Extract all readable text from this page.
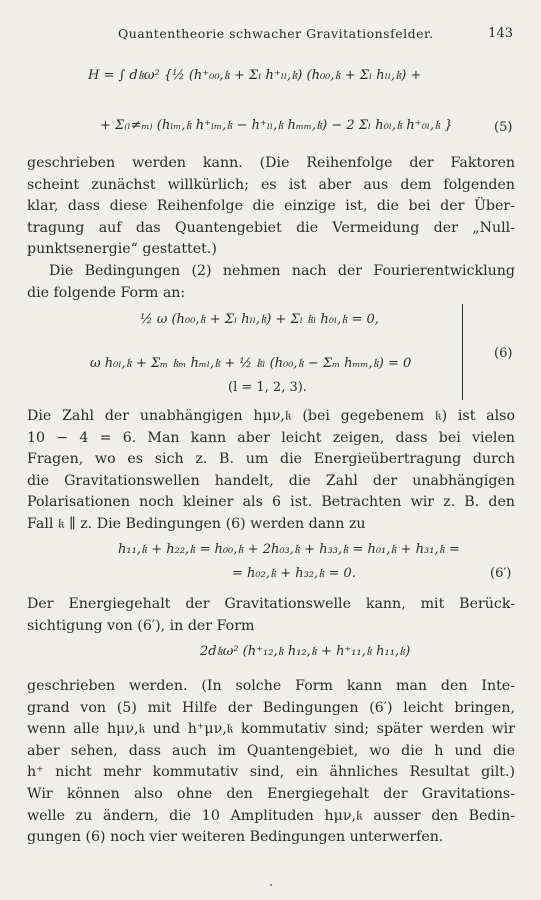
Quantentheorie schwacher Gravitationsfelder.	143
H = ∫ d𝔨ω² {½ (h⁺₀₀,𝔨 + Σₗ h⁺ₗₗ,𝔨) (h₀₀,𝔨 + Σₗ hₗₗ,𝔨) +
+ Σ₍ₗ≠ₘ₎ (hₗₘ,𝔨 h⁺ₗₘ,𝔨 − h⁺ₗₗ,𝔨 hₘₘ,𝔨) − 2 Σₗ h₀ₗ,𝔨 h⁺₀ₗ,𝔨 }	(5)

geschrieben werden kann. (Die Reihenfolge der Faktoren
scheint zunächst willkürlich; es ist aber aus dem folgenden
klar, dass diese Reihenfolge die einzige ist, die bei der Über-
tragung auf das Quantengebiet die Vermeidung der „Null-
punktsenergie“ gestattet.)

Die Bedingungen (2) nehmen nach der Fourierentwicklung
die folgende Form an:

½ ω (h₀₀,𝔨 + Σₗ hₗₗ,𝔨) + Σₗ 𝔨ₗ h₀ₗ,𝔨 = 0,
ω h₀ₗ,𝔨 + Σₘ 𝔨ₘ hₘₗ,𝔨 + ½ 𝔨ₗ (h₀₀,𝔨 − Σₘ hₘₘ,𝔨) = 0
(l = 1, 2, 3).
(6)

Die Zahl der unabhängigen hμν,𝔨 (bei gegebenem 𝔨) ist also
10 − 4 = 6. Man kann aber leicht zeigen, dass bei vielen
Fragen, wo es sich z. B. um die Energieübertragung durch
die Gravitationswellen handelt, die Zahl der unabhängigen
Polarisationen noch kleiner als 6 ist. Betrachten wir z. B. den
Fall 𝔨 ∥ z. Die Bedingungen (6) werden dann zu

h₁₁,𝔨 + h₂₂,𝔨 = h₀₀,𝔨 + 2h₀₃,𝔨 + h₃₃,𝔨 = h₀₁,𝔨 + h₃₁,𝔨 =
= h₀₂,𝔨 + h₃₂,𝔨 = 0.	(6′)

Der Energiegehalt der Gravitationswelle kann, mit Berück-
sichtigung von (6′), in der Form

2d𝔨ω² (h⁺₁₂,𝔨 h₁₂,𝔨 + h⁺₁₁,𝔨 h₁₁,𝔨)

geschrieben werden. (In solche Form kann man den Inte-
grand von (5) mit Hilfe der Bedingungen (6′) leicht bringen,
wenn alle hμν,𝔨 und h⁺μν,𝔨 kommutativ sind; später werden wir
aber sehen, dass auch im Quantengebiet, wo die h und die
h⁺ nicht mehr kommutativ sind, ein ähnliches Resultat gilt.)
Wir können also ohne den Energiegehalt der Gravitations-
welle zu ändern, die 10 Amplituden hμν,𝔨 ausser den Bedin-
gungen (6) noch vier weiteren Bedingungen unterwerfen.
